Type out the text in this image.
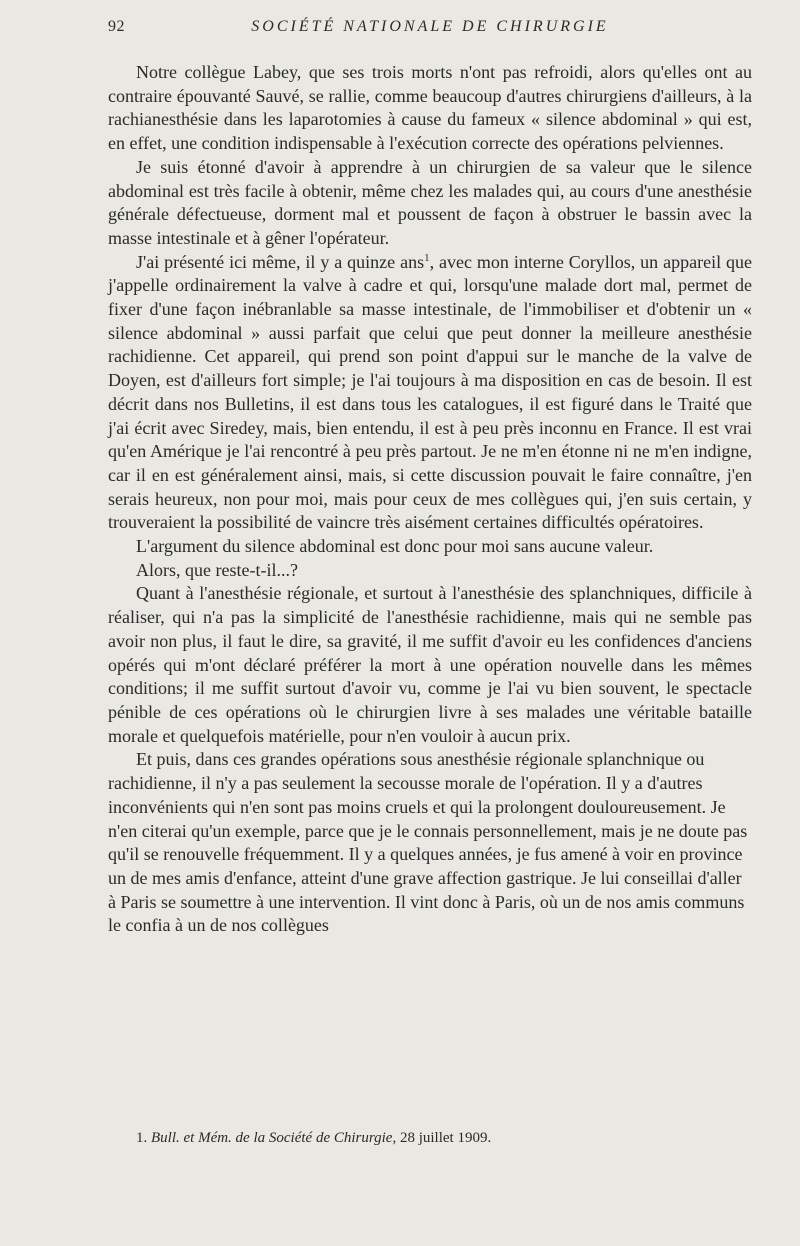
92	SOCIÉTÉ NATIONALE DE CHIRURGIE

Notre collègue Labey, que ses trois morts n'ont pas refroidi, alors qu'elles ont au contraire épouvanté Sauvé, se rallie, comme beaucoup d'autres chirurgiens d'ailleurs, à la rachianesthésie dans les laparotomies à cause du fameux « silence abdominal » qui est, en effet, une condition indispensable à l'exécution correcte des opérations pelviennes.

Je suis étonné d'avoir à apprendre à un chirurgien de sa valeur que le silence abdominal est très facile à obtenir, même chez les malades qui, au cours d'une anesthésie générale défectueuse, dorment mal et poussent de façon à obstruer le bassin avec la masse intestinale et à gêner l'opérateur.

J'ai présenté ici même, il y a quinze ans$^1$, avec mon interne Coryllos, un appareil que j'appelle ordinairement la valve à cadre et qui, lorsqu'une malade dort mal, permet de fixer d'une façon inébranlable sa masse intestinale, de l'immobiliser et d'obtenir un « silence abdominal » aussi parfait que celui que peut donner la meilleure anesthésie rachidienne. Cet appareil, qui prend son point d'appui sur le manche de la valve de Doyen, est d'ailleurs fort simple; je l'ai toujours à ma disposition en cas de besoin. Il est décrit dans nos Bulletins, il est dans tous les catalogues, il est figuré dans le Traité que j'ai écrit avec Siredey, mais, bien entendu, il est à peu près inconnu en France. Il est vrai qu'en Amérique je l'ai rencontré à peu près partout. Je ne m'en étonne ni ne m'en indigne, car il en est généralement ainsi, mais, si cette discussion pouvait le faire connaître, j'en serais heureux, non pour moi, mais pour ceux de mes collègues qui, j'en suis certain, y trouveraient la possibilité de vaincre très aisément certaines difficultés opératoires.

L'argument du silence abdominal est donc pour moi sans aucune valeur.

Alors, que reste-t-il...?

Quant à l'anesthésie régionale, et surtout à l'anesthésie des splanchniques, difficile à réaliser, qui n'a pas la simplicité de l'anesthésie rachidienne, mais qui ne semble pas avoir non plus, il faut le dire, sa gravité, il me suffit d'avoir eu les confidences d'anciens opérés qui m'ont déclaré préférer la mort à une opération nouvelle dans les mêmes conditions; il me suffit surtout d'avoir vu, comme je l'ai vu bien souvent, le spectacle pénible de ces opérations où le chirurgien livre à ses malades une véritable bataille morale et quelquefois matérielle, pour n'en vouloir à aucun prix.

Et puis, dans ces grandes opérations sous anesthésie régionale splanchnique ou rachidienne, il n'y a pas seulement la secousse morale de l'opération. Il y a d'autres inconvénients qui n'en sont pas moins cruels et qui la prolongent douloureusement. Je n'en citerai qu'un exemple, parce que je le connais personnellement, mais je ne doute pas qu'il se renouvelle fréquemment. Il y a quelques années, je fus amené à voir en province un de mes amis d'enfance, atteint d'une grave affection gastrique. Je lui conseillai d'aller à Paris se soumettre à une intervention. Il vint donc à Paris, où un de nos amis communs le confia à un de nos collègues

1. Bull. et Mém. de la Société de Chirurgie, 28 juillet 1909.
